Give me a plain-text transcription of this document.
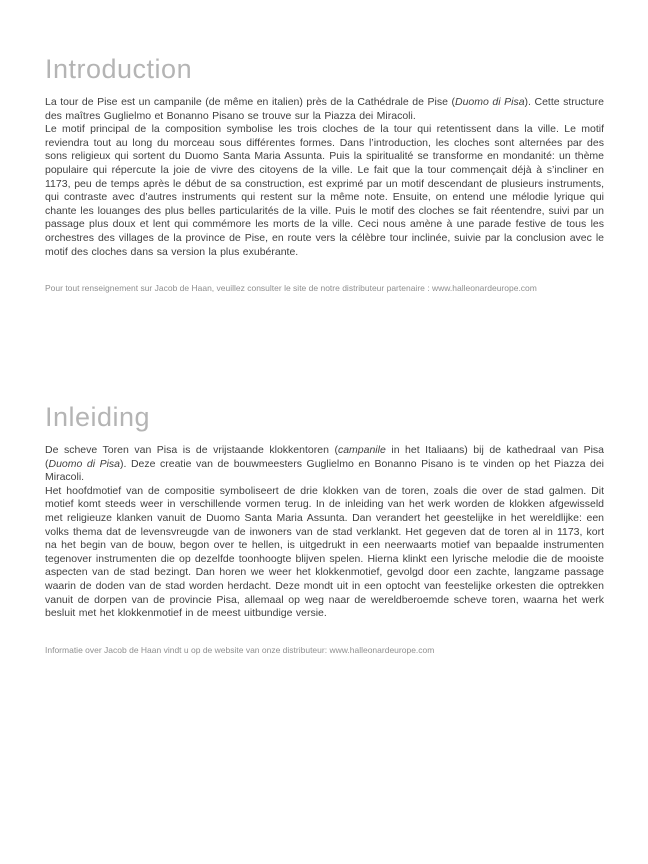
Introduction

La tour de Pise est un campanile (de même en italien) près de la Cathédrale de Pise (Duomo di Pisa). Cette structure des maîtres Guglielmo et Bonanno Pisano se trouve sur la Piazza dei Miracoli.

Le motif principal de la composition symbolise les trois cloches de la tour qui retentissent dans la ville. Le motif reviendra tout au long du morceau sous différentes formes. Dans l’introduction, les cloches sont alternées par des sons religieux qui sortent du Duomo Santa Maria Assunta. Puis la spiritualité se transforme en mondanité: un thème populaire qui répercute la joie de vivre des citoyens de la ville. Le fait que la tour commençait déjà à s’incliner en 1173, peu de temps après le début de sa construction, est exprimé par un motif descendant de plusieurs instruments, qui contraste avec d’autres instruments qui restent sur la même note. Ensuite, on entend une mélodie lyrique qui chante les louanges des plus belles particularités de la ville. Puis le motif des cloches se fait réentendre, suivi par un passage plus doux et lent qui commémore les morts de la ville. Ceci nous amène à une parade festive de tous les orchestres des villages de la province de Pise, en route vers la célèbre tour inclinée, suivie par la conclusion avec le motif des cloches dans sa version la plus exubérante.

Pour tout renseignement sur Jacob de Haan, veuillez consulter le site de notre distributeur partenaire : www.halleonardeurope.com

Inleiding

De scheve Toren van Pisa is de vrijstaande klokkentoren (campanile in het Italiaans) bij de kathedraal van Pisa (Duomo di Pisa). Deze creatie van de bouwmeesters Guglielmo en Bonanno Pisano is te vinden op het Piazza dei Miracoli.

Het hoofdmotief van de compositie symboliseert de drie klokken van de toren, zoals die over de stad galmen. Dit motief komt steeds weer in verschillende vormen terug. In de inleiding van het werk worden de klokken afgewisseld met religieuze klanken vanuit de Duomo Santa Maria Assunta. Dan verandert het geestelijke in het wereldlijke: een volks thema dat de levensvreugde van de inwoners van de stad verklankt. Het gegeven dat de toren al in 1173, kort na het begin van de bouw, begon over te hellen, is uitgedrukt in een neerwaarts motief van bepaalde instrumenten tegenover instrumenten die op dezelfde toonhoogte blijven spelen. Hierna klinkt een lyrische melodie die de mooiste aspecten van de stad bezingt. Dan horen we weer het klokkenmotief, gevolgd door een zachte, langzame passage waarin de doden van de stad worden herdacht. Deze mondt uit in een optocht van feestelijke orkesten die optrekken vanuit de dorpen van de provincie Pisa, allemaal op weg naar de wereldberoemde scheve toren, waarna het werk besluit met het klokkenmotief in de meest uitbundige versie.

Informatie over Jacob de Haan vindt u op de website van onze distributeur: www.halleonardeurope.com
